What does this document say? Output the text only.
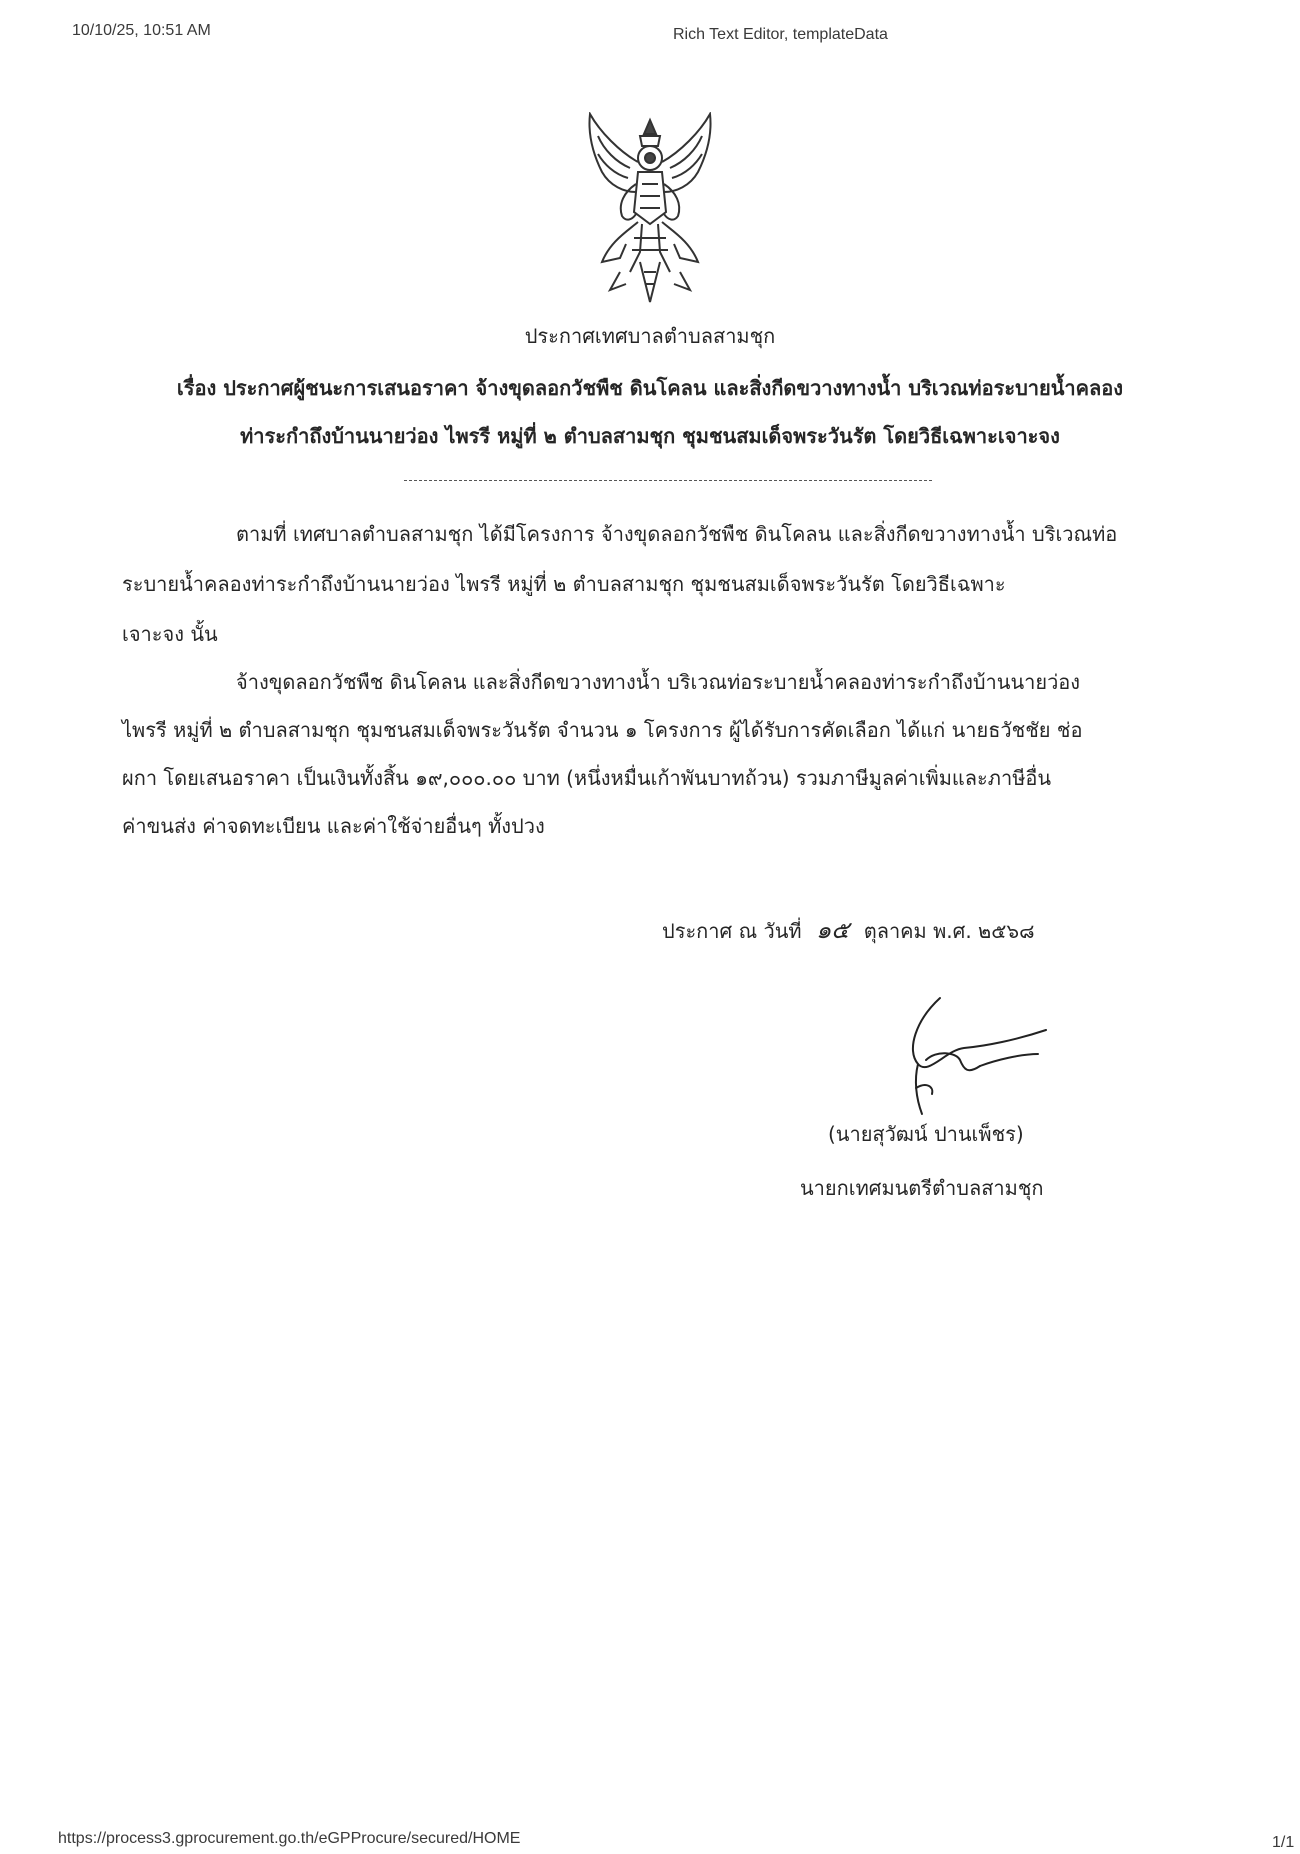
10/10/25, 10:51 AM	Rich Text Editor, templateData
ประกาศเทศบาลตำบลสามชุก
เรื่อง ประกาศผู้ชนะการเสนอราคา จ้างขุดลอกวัชพืช ดินโคลน และสิ่งกีดขวางทางน้ำ บริเวณท่อระบายน้ำคลอง
ท่าระกำถึงบ้านนายว่อง ไพรรี หมู่ที่ ๒ ตำบลสามชุก ชุมชนสมเด็จพระวันรัต โดยวิธีเฉพาะเจาะจง
ตามที่ เทศบาลตำบลสามชุก ได้มีโครงการ จ้างขุดลอกวัชพืช ดินโคลน และสิ่งกีดขวางทางน้ำ บริเวณท่อ
ระบายน้ำคลองท่าระกำถึงบ้านนายว่อง ไพรรี หมู่ที่ ๒ ตำบลสามชุก ชุมชนสมเด็จพระวันรัต โดยวิธีเฉพาะ
เจาะจง นั้น
จ้างขุดลอกวัชพืช ดินโคลน และสิ่งกีดขวางทางน้ำ บริเวณท่อระบายน้ำคลองท่าระกำถึงบ้านนายว่อง
ไพรรี หมู่ที่ ๒ ตำบลสามชุก ชุมชนสมเด็จพระวันรัต จำนวน ๑ โครงการ ผู้ได้รับการคัดเลือก ได้แก่ นายธวัชชัย ช่อ
ผกา โดยเสนอราคา เป็นเงินทั้งสิ้น ๑๙,๐๐๐.๐๐ บาท (หนึ่งหมื่นเก้าพันบาทถ้วน) รวมภาษีมูลค่าเพิ่มและภาษีอื่น
ค่าขนส่ง ค่าจดทะเบียน และค่าใช้จ่ายอื่นๆ ทั้งปวง
ประกาศ ณ วันที่ ๑๕ ตุลาคม พ.ศ. ๒๕๖๘
(นายสุวัฒน์ ปานเพ็ชร)
นายกเทศมนตรีตำบลสามชุก
https://process3.gprocurement.go.th/eGPProcure/secured/HOME	1/1
